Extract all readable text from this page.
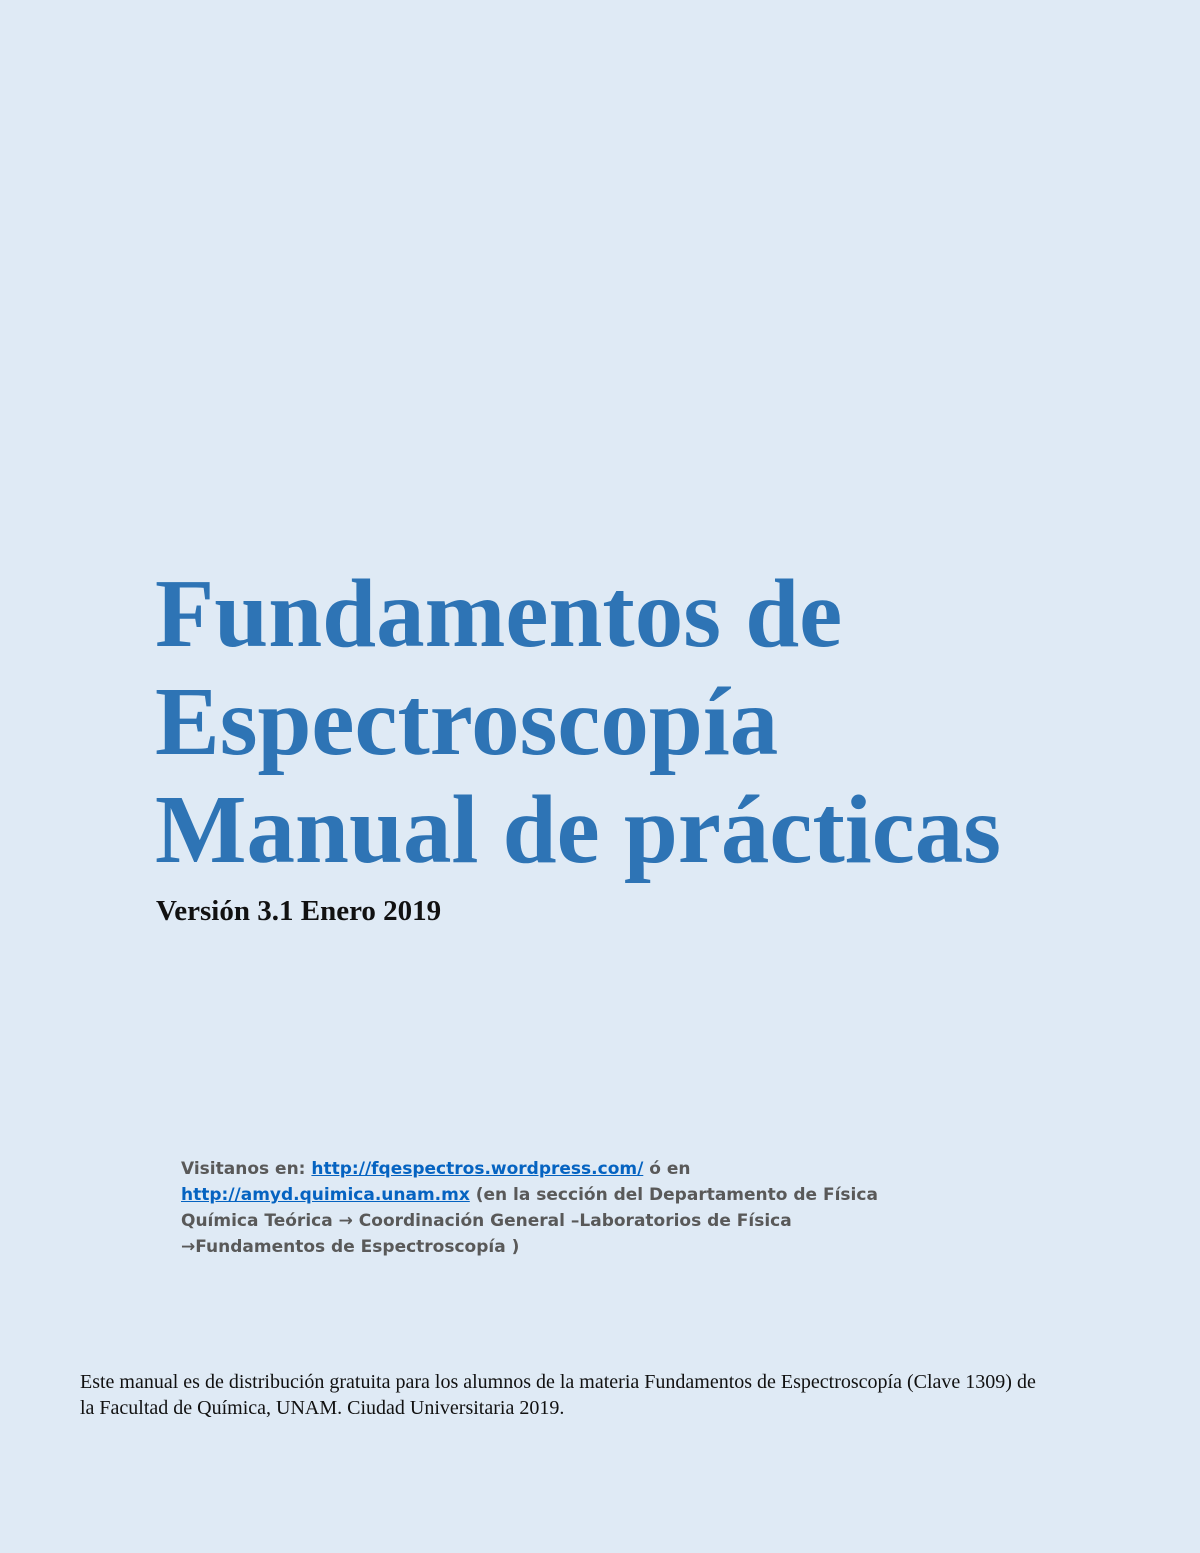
Fundamentos de
Espectroscopía
Manual de prácticas
Versión 3.1 Enero 2019
Visitanos en: http://fqespectros.wordpress.com/ ó en
http://amyd.quimica.unam.mx (en la sección del Departamento de Física
Química Teórica → Coordinación General –Laboratorios de Física
→Fundamentos de Espectroscopía )
Este manual es de distribución gratuita para los alumnos de la materia Fundamentos de Espectroscopía (Clave 1309) de
la Facultad de Química, UNAM. Ciudad Universitaria 2019.
